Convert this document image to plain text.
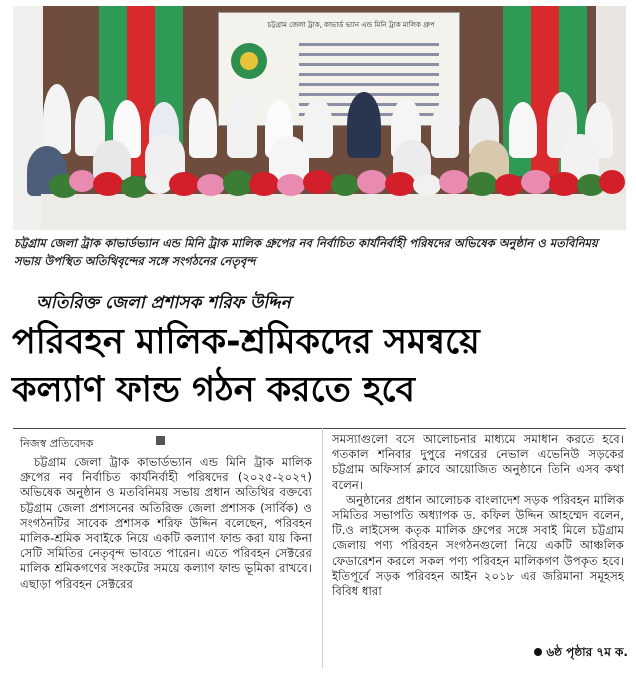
চট্টগ্রাম জেলা ট্রাক, কাভার্ড ভ্যান এন্ড মিনি ট্রাক মালিক গ্রুপ
চট্টগ্রাম জেলা ট্রাক কাভার্ডভ্যান এন্ড মিনি ট্রাক মালিক গ্রুপের নব নির্বাচিত কার্যনির্বাহী পরিষদের অভিষেক অনুষ্ঠান ও মতবিনিময় সভায় উপস্থিত অতিথিবৃন্দের সঙ্গে সংগঠনের নেতৃবৃন্দ
অতিরিক্ত জেলা প্রশাসক শরিফ উদ্দিন
পরিবহন মালিক-শ্রমিকদের সমন্বয়ে
কল্যাণ ফান্ড গঠন করতে হবে
নিজস্ব প্রতিবেদক

চট্টগ্রাম জেলা ট্রাক কাভার্ডভ্যান এন্ড মিনি ট্রাক মালিক গ্রুপের নব নির্বাচিত কার্যনির্বাহী পরিষদের (২০২৫-২০২৭) অভিষেক অনুষ্ঠান ও মতবিনিময় সভায় প্রধান অতিথির বক্তব্যে চট্টগ্রাম জেলা প্রশাসনের অতিরিক্ত জেলা প্রশাসক (সার্বিক) ও সংগঠনটির সাবেক প্রশাসক শরিফ উদ্দিন বলেছেন, পরিবহন মালিক-শ্রমিক সবাইকে নিয়ে একটি কল্যাণ ফান্ড করা যায় কিনা সেটি সমিতির নেতৃবৃন্দ ভাবতে পারেন। এতে পরিবহন সেক্টরের মালিক শ্রমিকগণের সংকটের সময়ে কল্যাণ ফান্ড ভূমিকা রাখবে। এছাড়া পরিবহন সেক্টরের

সমস্যাগুলো বসে আলোচনার মাধ্যমে সমাধান করতে হবে। গতকাল শনিবার দুপুরে নগরের নেভাল এভেনিউ সড়কের চট্টগ্রাম অফিসার্স ক্লাবে আয়োজিত অনুষ্ঠানে তিনি এসব কথা বলেন।

অনুষ্ঠানের প্রধান আলোচক বাংলাদেশ সড়ক পরিবহন মালিক সমিতির সভাপতি অধ্যাপক ড. কফিল উদ্দিন আহম্মেদ বলেন, টি.ও লাইসেন্স কতৃক মালিক গ্রুপের সঙ্গে সবাই মিলে চট্টগ্রাম জেলায় পণ্য পরিবহন সংগঠনগুলো নিয়ে একটি আঞ্চলিক ফেডারেশন করলে সকল পণ্য পরিবহন মালিকগণ উপকৃত হবে। ইতিপূর্বে সড়ক পরিবহন আইন ২০১৮ এর জরিমানা সমূহসহ বিবিধ ধারা

৬ষ্ঠ পৃষ্ঠার ৭ম ক.
